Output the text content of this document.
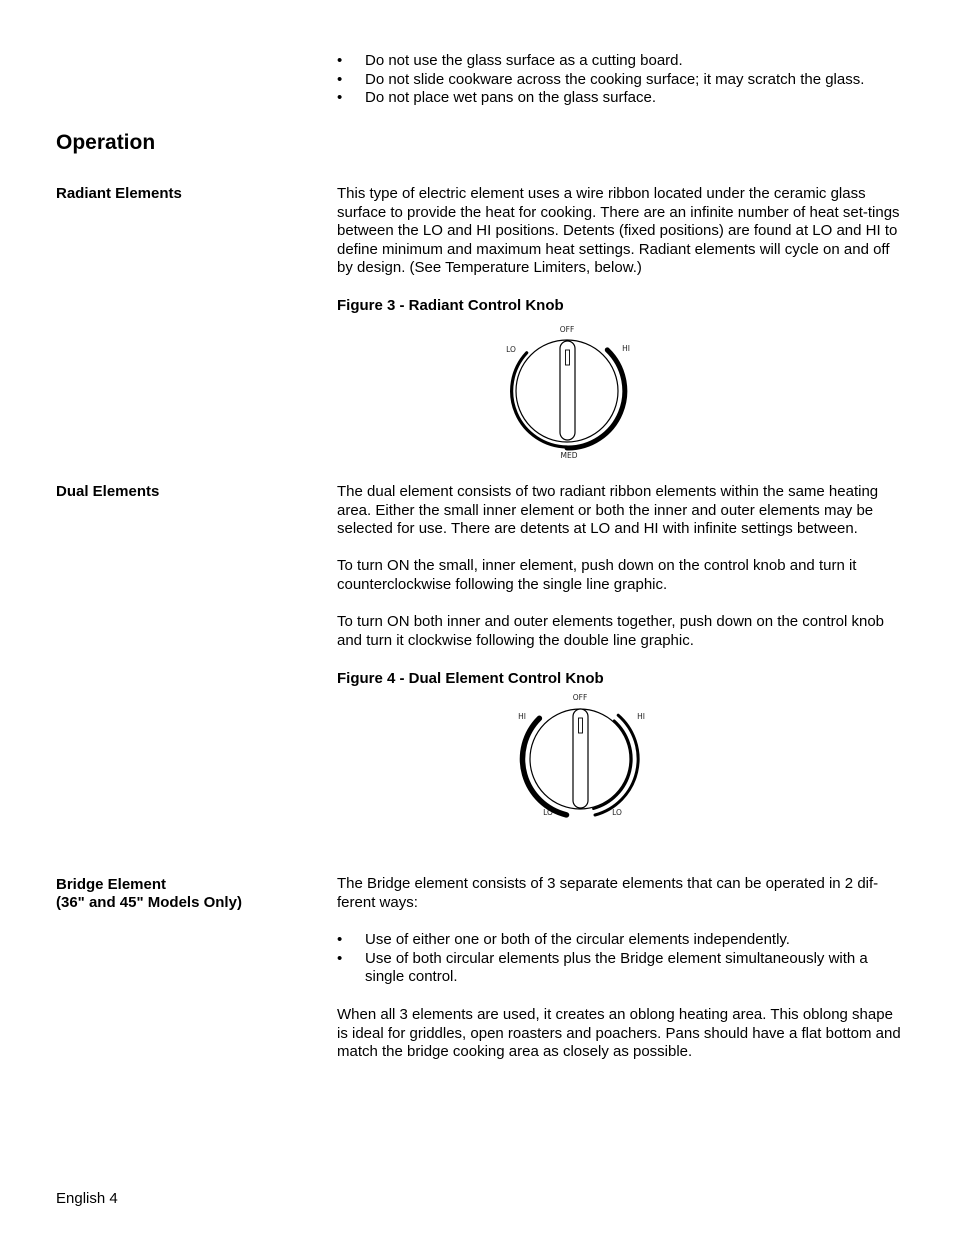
• Do not use the glass surface as a cutting board.
• Do not slide cookware across the cooking surface; it may scratch the glass.
• Do not place wet pans on the glass surface.
Operation
Radiant Elements	This type of electric element uses a wire ribbon located under the ceramic glass surface to provide the heat for cooking. There are an infinite number of heat set-tings between the LO and HI positions. Detents (fixed positions) are found at LO and HI to define minimum and maximum heat settings. Radiant elements will cycle on and off by design. (See Temperature Limiters, below.)

Figure 3 - Radiant Control Knob
OFF
LO	HI
MED
Dual Elements	The dual element consists of two radiant ribbon elements within the same heating area. Either the small inner element or both the inner and outer elements may be selected for use. There are detents at LO and HI with infinite settings between.

To turn ON the small, inner element, push down on the control knob and turn it counterclockwise following the single line graphic.

To turn ON both inner and outer elements together, push down on the control knob and turn it clockwise following the double line graphic.

Figure 4 - Dual Element Control Knob
OFF
HI	HI
LO	LO
Bridge Element
(36" and 45" Models Only)

The Bridge element consists of 3 separate elements that can be operated in 2 dif-ferent ways:

• Use of either one or both of the circular elements independently.
• Use of both circular elements plus the Bridge element simultaneously with a single control.

When all 3 elements are used, it creates an oblong heating area. This oblong shape is ideal for griddles, open roasters and poachers. Pans should have a flat bottom and match the bridge cooking area as closely as possible.

English 4
